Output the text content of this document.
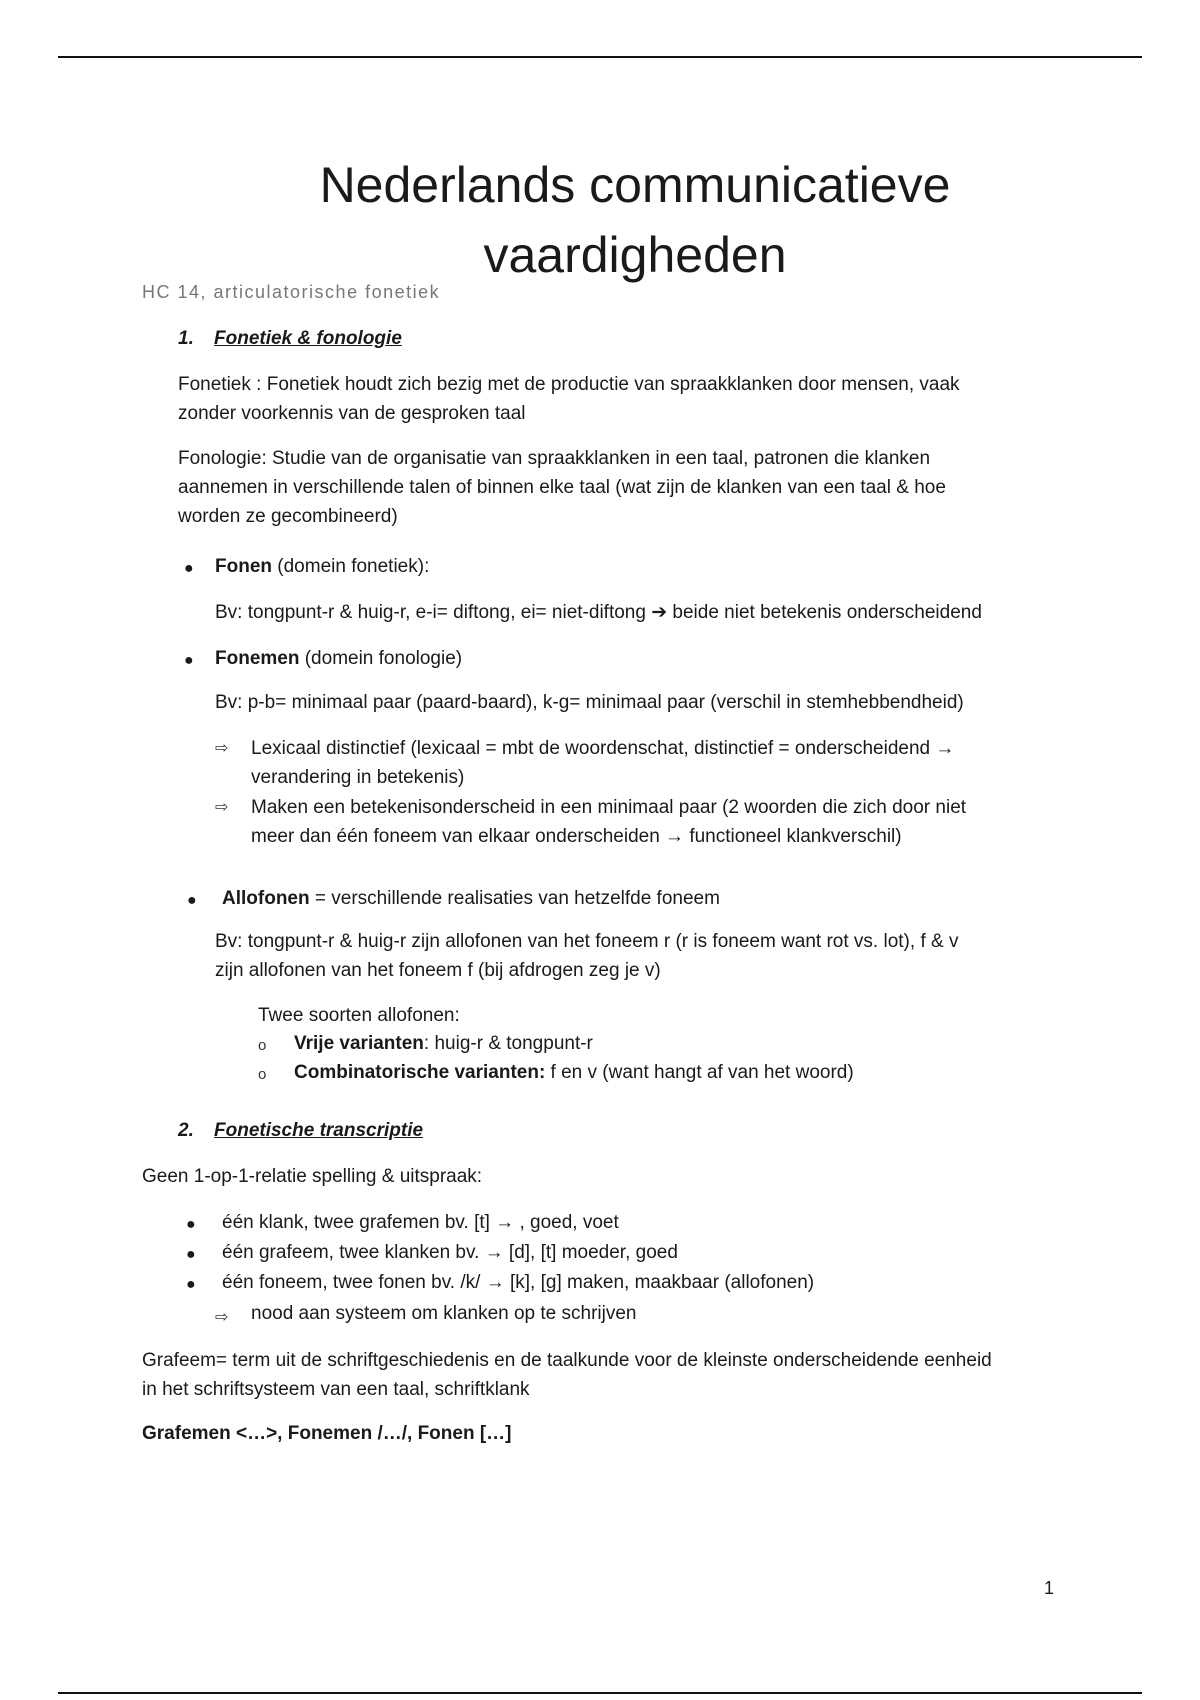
Nederlands communicatieve
vaardigheden
HC 14, articulatorische fonetiek
1. Fonetiek & fonologie
Fonetiek : Fonetiek houdt zich bezig met de productie van spraakklanken door mensen, vaak
zonder voorkennis van de gesproken taal
Fonologie: Studie van de organisatie van spraakklanken in een taal, patronen die klanken
aannemen in verschillende talen of binnen elke taal (wat zijn de klanken van een taal & hoe
worden ze gecombineerd)
● Fonen (domein fonetiek):
Bv: tongpunt-r & huig-r, e-i= diftong, ei= niet-diftong ➔ beide niet betekenis onderscheidend
● Fonemen (domein fonologie)
Bv: p-b= minimaal paar (paard-baard), k-g= minimaal paar (verschil in stemhebbendheid)
⇨ Lexicaal distinctief (lexicaal = mbt de woordenschat, distinctief = onderscheidend →
verandering in betekenis)
⇨ Maken een betekenisonderscheid in een minimaal paar (2 woorden die zich door niet
meer dan één foneem van elkaar onderscheiden → functioneel klankverschil)
● Allofonen = verschillende realisaties van hetzelfde foneem
Bv: tongpunt-r & huig-r zijn allofonen van het foneem r (r is foneem want rot vs. lot), f & v
zijn allofonen van het foneem f (bij afdrogen zeg je v)
Twee soorten allofonen:
o Vrije varianten: huig-r & tongpunt-r
o Combinatorische varianten: f en v (want hangt af van het woord)
2. Fonetische transcriptie
Geen 1-op-1-relatie spelling & uitspraak:
● één klank, twee grafemen bv. [t] → , goed, voet
● één grafeem, twee klanken bv. → [d], [t] moeder, goed
● één foneem, twee fonen bv. /k/ → [k], [g] maken, maakbaar (allofonen)
⇨ nood aan systeem om klanken op te schrijven
Grafeem= term uit de schriftgeschiedenis en de taalkunde voor de kleinste onderscheidende eenheid
in het schriftsysteem van een taal, schriftklank
Grafemen <…>, Fonemen /…/, Fonen […]
1
